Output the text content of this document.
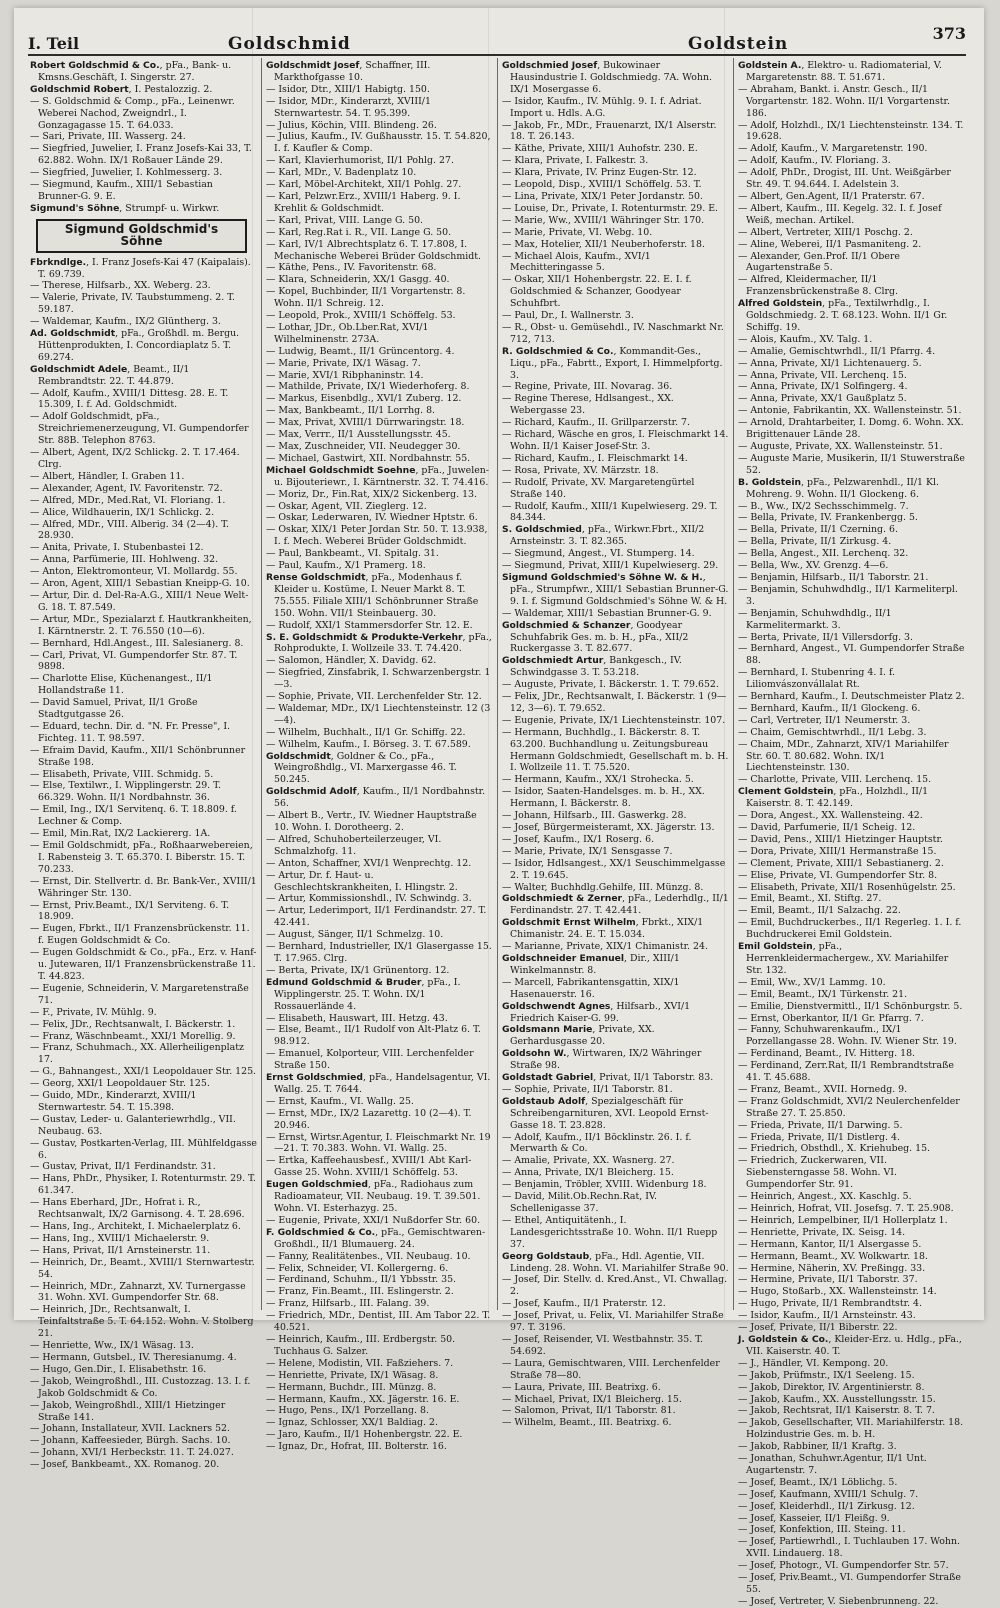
I. Teil	Goldschmid	Goldstein
373
Robert Goldschmid & Co., pFa., Bank- u. Kmsns.Geschäft, I. Singerstr. 27.
Goldschmid Robert, I. Pestalozzig. 2.
— S. Goldschmid & Comp., pFa., Leinenwr. Weberei Nachod, Zweigndrl., I. Gonzagagasse 15. T. 64.033.
— Sari, Private, III. Wasserg. 24.
— Siegfried, Juwelier, I. Franz Josefs-Kai 33, T. 62.882. Wohn. IX/1 Roßauer Lände 29.
— Siegfried, Juwelier, I. Kohlmesserg. 3.
— Siegmund, Kaufm., XIII/1 Sebastian Brunner-G. 9. E.
Sigmund's Söhne, Strumpf- u. Wirkwr.
Sigmund Goldschmid's Söhne
Fbrkndlge., I. Franz Josefs-Kai 47 (Kaipalais). T. 69.739.
— Therese, Hilfsarb., XX. Weberg. 23.
— Valerie, Private, IV. Taubstummeng. 2. T. 59.187.
— Waldemar, Kaufm., IX/2 Glüntherg. 3.
Ad. Goldschmidt, pFa., Großhdl. m. Bergu. Hüttenprodukten, I. Concordiaplatz 5. T. 69.274.
Goldschmidt Adele, Beamt., II/1 Rembrandtstr. 22. T. 44.879.
— Adolf, Kaufm., XVIII/1 Dittesg. 28. E. T. 15.309, I. f. Ad. Goldschmidt.
— Adolf Goldschmidt, pFa., Streichriemenerzeugung, VI. Gumpendorfer Str. 88B. Telephon 8763.
— Albert, Agent, IX/2 Schlickg. 2. T. 17.464. Clrg.
— Albert, Händler, I. Graben 11.
— Alexander, Agent, IV. Favoritenstr. 72.
— Alfred, MDr., Med.Rat, VI. Floriang. 1.
— Alice, Wildhauerin, IX/1 Schlickg. 2.
— Alfred, MDr., VIII. Alberig. 34 (2—4). T. 28.930.
— Anita, Private, I. Stubenbastei 12.
— Anna, Parfümerie, III. Hohlweng. 32.
— Anton, Elektromonteur, VI. Mollardg. 55.
— Aron, Agent, XIII/1 Sebastian Kneipp-G. 10.
— Artur, Dir. d. Del-Ra-A.G., XIII/1 Neue Welt-G. 18. T. 87.549.
— Artur, MDr., Spezialarzt f. Hautkrankheiten, I. Kärntnerstr. 2. T. 76.550 (10—6).
— Bernhard, Hdl.Angest., III. Salesianerg. 8.
— Carl, Privat, VI. Gumpendorfer Str. 87. T. 9898.
— Charlotte Elise, Küchenangest., II/1 Hollandstraße 11.
— David Samuel, Privat, II/1 Große Stadtgutgasse 26.
— Eduard, techn. Dir. d. "N. Fr. Presse", I. Fichteg. 11. T. 98.597.
— Efraim David, Kaufm., XII/1 Schönbrunner Straße 198.
— Elisabeth, Private, VIII. Schmidg. 5.
— Else, Textilwr., I. Wipplingerstr. 29. T. 66.329. Wohn. II/1 Nordbahnstr. 36.
— Emil, Ing., IX/1 Servitenq. 6. T. 18.809. f. Lechner & Comp.
— Emil, Min.Rat, IX/2 Lackiererg. 1A.
— Emil Goldschmidt, pFa., Roßhaarwebereien, I. Rabensteig 3. T. 65.370. I. Biberstr. 15. T. 70.233.
— Ernst, Dir. Stellvertr. d. Br. Bank-Ver., XVIII/1 Währinger Str. 130.
— Ernst, Priv.Beamt., IX/1 Serviteng. 6. T. 18.909.
— Eugen, Fbrkt., II/1 Franzensbrückenstr. 11. f. Eugen Goldschmidt & Co.
— Eugen Goldschmidt & Co., pFa., Erz. v. Hanf- u. Jutewaren, II/1 Franzensbrückenstraße 11. T. 44.823.
— Eugenie, Schneiderin, V. Margaretenstraße 71.
— F., Private, IV. Mühlg. 9.
— Felix, JDr., Rechtsanwalt, I. Bäckerstr. 1.
— Franz, Wäschnbeamt., XXI/1 Morellig. 9.
— Franz, Schuhmach., XX. Allerheiligenplatz 17.
— G., Bahnangest., XXI/1 Leopoldauer Str. 125.
— Georg, XXI/1 Leopoldauer Str. 125.
— Guido, MDr., Kinderarzt, XVIII/1 Sternwartestr. 54. T. 15.398.
— Gustav, Leder- u. Galanteriewrhdlg., VII. Neubaug. 63.
— Gustav, Postkarten-Verlag, III. Mühlfeldgasse 6.
— Gustav, Privat, II/1 Ferdinandstr. 31.
— Hans, PhDr., Physiker, I. Rotenturmstr. 29. T. 61.347.
— Hans Eberhard, JDr., Hofrat i. R., Rechtsanwalt, IX/2 Garnisong. 4. T. 28.696.
— Hans, Ing., Architekt, I. Michaelerplatz 6.
— Hans, Ing., XVIII/1 Michaelerstr. 9.
— Hans, Privat, II/1 Arnsteinerstr. 11.
— Heinrich, Dr., Beamt., XVIII/1 Sternwartestr. 54.
— Heinrich, MDr., Zahnarzt, XV. Turnergasse 31. Wohn. XVI. Gumpendorfer Str. 68.
— Heinrich, JDr., Rechtsanwalt, I. Teinfaltstraße 5. T. 64.152. Wohn. V. Stolberg 21.
— Henriette, Ww., IX/1 Wäsag. 13.
— Hermann, Gutsbel., IV. Theresianumg. 4.
— Hugo, Gen.Dir., I. Elisabethstr. 16.
— Jakob, Weingroßhdl., III. Custozzag. 13. I. f. Jakob Goldschmidt & Co.
— Jakob, Weingroßhdl., XIII/1 Hietzinger Straße 141.
— Johann, Installateur, XVII. Lackners 52.
— Johann, Kaffeesieder, Bürgh. Sachs. 10.
— Johann, XVI/1 Herbeckstr. 11. T. 24.027.
— Josef, Bankbeamt., XX. Romanog. 20.
Goldschmidt Josef, Schaffner, III. Markthofgasse 10.
— Isidor, Dtr., XIII/1 Habigtg. 150.
— Isidor, MDr., Kinderarzt, XVIII/1 Sternwartestr. 54. T. 95.399.
— Julius, Köchin, VIII. Blindeng. 26.
— Julius, Kaufm., IV. Gußhausstr. 15. T. 54.820, I. f. Kaufler & Comp.
— Karl, Klavierhumorist, II/1 Pohlg. 27.
— Karl, MDr., V. Badenplatz 10.
— Karl, Möbel-Architekt, XII/1 Pohlg. 27.
— Karl, Pelzwr.Erz., XVIII/1 Haberg. 9. I. Krehlit & Goldschmidt.
— Karl, Privat, VIII. Lange G. 50.
— Karl, Reg.Rat i. R., VII. Lange G. 50.
— Karl, IV/1 Albrechtsplatz 6. T. 17.808, I. Mechanische Weberei Brüder Goldschmidt.
— Käthe, Pens., IV. Favoritenstr. 68.
— Klara, Schneiderin, XX/1 Gasgg. 40.
— Kopel, Buchbinder, II/1 Vorgartenstr. 8. Wohn. II/1 Schreig. 12.
— Leopold, Prok., XVIII/1 Schöffelg. 53.
— Lothar, JDr., Ob.Lber.Rat, XVI/1 Wilhelminenstr. 273A.
— Ludwig, Beamt., II/1 Grüncentorg. 4.
— Marie, Private, IX/1 Wäsag. 7.
— Marie, XVI/1 Ribphaninstr. 14.
— Mathilde, Private, IX/1 Wiederhoferg. 8.
— Markus, Eisenbdlg., XVI/1 Zuberg. 12.
— Max, Bankbeamt., II/1 Lorrhg. 8.
— Max, Privat, XVIII/1 Dürrwaringstr. 18.
— Max, Verrr., II/1 Ausstellungsstr. 45.
— Max, Zuschneider, VII. Neudegger 30.
— Michael, Gastwirt, XII. Nordbahnstr. 55.
Michael Goldschmidt Soehne, pFa., Juwelen- u. Bijouteriewr., I. Kärntnerstr. 32. T. 74.416.
— Moriz, Dr., Fin.Rat, XIX/2 Sickenberg. 13.
— Oskar, Agent, VII. Zieglerg. 12.
— Oskar, Lederwaren, IV. Wiedner Hptstr. 6.
— Oskar, XIX/1 Peter Jordan Str. 50. T. 13.938, I. f. Mech. Weberei Brüder Goldschmidt.
— Paul, Bankbeamt., VI. Spitalg. 31.
— Paul, Kaufm., X/1 Pramerg. 18.
Rense Goldschmidt, pFa., Modenhaus f. Kleider u. Kostüme, I. Neuer Markt 8. T. 75.555. Filiale XIII/1 Schönbrunner Straße 150. Wohn. VII/1 Steinbauerg. 30.
— Rudolf, XXI/1 Stammersdorfer Str. 12. E.
S. E. Goldschmidt & Produkte-Verkehr, pFa., Rohprodukte, I. Wollzeile 33. T. 74.420.
— Salomon, Händler, X. Davidg. 62.
— Siegfried, Zinsfabrik, I. Schwarzenbergstr. 1—3.
— Sophie, Private, VII. Lerchenfelder Str. 12.
— Waldemar, MDr., IX/1 Liechtensteinstr. 12 (3—4).
— Wilhelm, Buchhalt., II/1 Gr. Schiffg. 22.
— Wilhelm, Kaufm., I. Börseg. 3. T. 67.589.
Goldschmidt, Goldner & Co., pFa., Weingroßhdlg., VI. Marxergasse 46. T. 50.245.
Goldschmid Adolf, Kaufm., II/1 Nordbahnstr. 56.
— Albert B., Vertr., IV. Wiedner Hauptstraße 10. Wohn. I. Dorotheerg. 2.
— Alfred, Schuhoberteilerzeuger, VI. Schmalzhofg. 11.
— Anton, Schaffner, XVI/1 Wenprechtg. 12.
— Artur, Dr. f. Haut- u. Geschlechtskrankheiten, I. Hlingstr. 2.
— Artur, Kommissionshdl., IV. Schwindg. 3.
— Artur, Lederimport, II/1 Ferdinandstr. 27. T. 42.441.
— August, Sänger, II/1 Schmelzg. 10.
— Bernhard, Industrieller, IX/1 Glasergasse 15. T. 17.965. Clrg.
— Berta, Private, IX/1 Grünentorg. 12.
Edmund Goldschmid & Bruder, pFa., I. Wipplingerstr. 25. T. Wohn. IX/1 Rossauerlände 4.
— Elisabeth, Hauswart, III. Hetzg. 43.
— Else, Beamt., II/1 Rudolf von Alt-Platz 6. T. 98.912.
— Emanuel, Kolporteur, VIII. Lerchenfelder Straße 150.
Ernst Goldschmied, pFa., Handelsagentur, VI. Wallg. 25. T. 7644.
— Ernst, Kaufm., VI. Wallg. 25.
— Ernst, MDr., IX/2 Lazarettg. 10 (2—4). T. 20.946.
— Ernst, Wirtsr.Agentur, I. Fleischmarkt Nr. 19—21. T. 70.383. Wohn. VI. Wallg. 25.
— Ertka, Kaffeehausbesf., XVIII/1 Abt Karl-Gasse 25. Wohn. XVIII/1 Schöffelg. 53.
Eugen Goldschmied, pFa., Radiohaus zum Radioamateur, VII. Neubaug. 19. T. 39.501. Wohn. VI. Esterhazyg. 25.
— Eugenie, Private, XXI/1 Nußdorfer Str. 60.
F. Goldschmied & Co., pFa., Gemischtwaren-Großhdl., II/1 Blumauerg. 24.
— Fanny, Realitätenbes., VII. Neubaug. 10.
— Felix, Schneider, VI. Kollergerng. 6.
— Ferdinand, Schuhm., II/1 Ybbsstr. 35.
— Franz, Fin.Beamt., III. Eslingerstr. 2.
— Franz, Hilfsarb., III. Falang. 39.
— Friedrich, MDr., Dentist, III. Am Tabor 22. T. 40.521.
— Heinrich, Kaufm., III. Erdbergstr. 50. Tuchhaus G. Salzer.
— Helene, Modistin, VII. Faßziehers. 7.
— Henriette, Private, IX/1 Wäsag. 8.
— Hermann, Buchdr., III. Münzg. 8.
— Hermann, Kaufm., XX. Jägerstr. 16. E.
— Hugo, Pens., IX/1 Porzellang. 8.
— Ignaz, Schlosser, XX/1 Baldiag. 2.
— Jaro, Kaufm., II/1 Hohenbergstr. 22. E.
— Ignaz, Dr., Hofrat, III. Bolterstr. 16.
Goldschmied Josef, Bukowinaer Hausindustrie I. Goldschmiedg. 7A. Wohn. IX/1 Mosergasse 6.
— Isidor, Kaufm., IV. Mühlg. 9. I. f. Adriat. Import u. Hdls. A.G.
— Jakob, Fr., MDr., Frauenarzt, IX/1 Alserstr. 18. T. 26.143.
— Käthe, Private, XIII/1 Auhofstr. 230. E.
— Klara, Private, I. Falkestr. 3.
— Klara, Private, IV. Prinz Eugen-Str. 12.
— Leopold, Disp., XVIII/1 Schöffelg. 53. T.
— Lina, Private, XIX/1 Peter Jordanstr. 50.
— Louise, Dr., Private, I. Rotenturmstr. 29. E.
— Marie, Ww., XVIII/1 Währinger Str. 170.
— Marie, Private, VI. Webg. 10.
— Max, Hotelier, XII/1 Neuberhoferstr. 18.
— Michael Alois, Kaufm., XVI/1 Mechitteringasse 5.
— Oskar, XII/1 Hohenbergstr. 22. E. I. f. Goldschmied & Schanzer, Goodyear Schuhfbrt.
— Paul, Dr., I. Wallnerstr. 3.
— R., Obst- u. Gemüsehdl., IV. Naschmarkt Nr. 712, 713.
R. Goldschmied & Co., Kommandit-Ges., Liqu., pFa., Fabrtt., Export, I. Himmelpfortg. 3.
— Regine, Private, III. Novarag. 36.
— Regine Therese, Hdlsangest., XX. Webergasse 23.
— Richard, Kaufm., II. Grillparzerstr. 7.
— Richard, Wäsche en gros, I. Fleischmarkt 14. Wohn. II/1 Kaiser Josef-Str. 3.
— Richard, Kaufm., I. Fleischmarkt 14.
— Rosa, Private, XV. Märzstr. 18.
— Rudolf, Private, XV. Margaretengürtel Straße 140.
— Rudolf, Kaufm., XIII/1 Kupelwieserg. 29. T. 84.344.
S. Goldschmied, pFa., Wirkwr.Fbrt., XII/2 Arnsteinstr. 3. T. 82.365.
— Siegmund, Angest., VI. Stumperg. 14.
— Siegmund, Privat, XIII/1 Kupelwieserg. 29.
Sigmund Goldschmied's Söhne W. & H., pFa., Strumpfwr., XIII/1 Sebastian Brunner-G. 9. I. f. Sigmund Goldschmied's Söhne W. & H.
— Waldemar, XIII/1 Sebastian Brunner-G. 9.
Goldschmied & Schanzer, Goodyear Schuhfabrik Ges. m. b. H., pFa., XII/2 Ruckergasse 3. T. 82.677.
Goldschmiedt Artur, Bankgesch., IV. Schwindgasse 3. T. 53.218.
— Auguste, Private, I. Bäckerstr. 1. T. 79.652.
— Felix, JDr., Rechtsanwalt, I. Bäckerstr. 1 (9—12, 3—6). T. 79.652.
— Eugenie, Private, IX/1 Liechtensteinstr. 107.
— Hermann, Buchhdlg., I. Bäckerstr. 8. T. 63.200. Buchhandlung u. Zeitungsbureau Hermann Goldschmiedt, Gesellschaft m. b. H. I. Wollzeile 11. T. 75.520.
— Hermann, Kaufm., XX/1 Strohecka. 5.
— Isidor, Saaten-Handelsges. m. b. H., XX. Hermann, I. Bäckerstr. 8.
— Johann, Hilfsarb., III. Gaswerkg. 28.
— Josef, Bürgermeisteramt, XX. Jägerstr. 13.
— Josef, Kaufm., IX/1 Roserg. 6.
— Marie, Private, IX/1 Sensgasse 7.
— Isidor, Hdlsangest., XX/1 Seuschimmelgasse 2. T. 19.645.
— Walter, Buchhdlg.Gehilfe, III. Münzg. 8.
Goldschmiedt & Zerner, pFa., Lederhdlg., II/1 Ferdinandstr. 27. T. 42.441.
Goldschmit Ernst Wilhelm, Fbrkt., XIX/1 Chimanistr. 24. E. T. 15.034.
— Marianne, Private, XIX/1 Chimanistr. 24.
Goldschneider Emanuel, Dir., XIII/1 Winkelmannstr. 8.
— Marcell, Fabrikantensgattin, XIX/1 Hasenauerstr. 16.
Goldschwendt Agnes, Hilfsarb., XVI/1 Friedrich Kaiser-G. 99.
Goldsmann Marie, Private, XX. Gerhardusgasse 20.
Goldsohn W., Wirtwaren, IX/2 Währinger Straße 98.
Goldstadt Gabriel, Privat, II/1 Taborstr. 83.
— Sophie, Private, II/1 Taborstr. 81.
Goldstaub Adolf, Spezialgeschäft für Schreibengarnituren, XVI. Leopold Ernst-Gasse 18. T. 23.828.
— Adolf, Kaufm., II/1 Böcklinstr. 26. I. f. Merwarth & Co.
— Amalie, Private, XX. Wasnerg. 27.
— Anna, Private, IX/1 Bleicherg. 15.
— Benjamin, Tröbler, XVIII. Widenburg 18.
— David, Milit.Ob.Rechn.Rat, IV. Schellenigasse 37.
— Ethel, Antiquitätenh., I. Landesgerichtsstraße 10. Wohn. II/1 Ruepp 37.
Georg Goldstaub, pFa., Hdl. Agentie, VII. Lindeng. 28. Wohn. VI. Mariahilfer Straße 90.
— Josef, Dir. Stellv. d. Kred.Anst., VI. Chwallag. 2.
— Josef, Kaufm., II/1 Praterstr. 12.
— Josef, Privat, u. Felix, VI. Mariahilfer Straße 97. T. 3196.
— Josef, Reisender, VI. Westbahnstr. 35. T. 54.692.
— Laura, Gemischtwaren, VIII. Lerchenfelder Straße 78—80.
— Laura, Private, III. Beatrixg. 6.
— Michael, Privat, IX/1 Bleicherg. 15.
— Salomon, Privat, II/1 Taborstr. 81.
— Wilhelm, Beamt., III. Beatrixg. 6.
Goldstein A., Elektro- u. Radiomaterial, V. Margaretenstr. 88. T. 51.671.
— Abraham, Bankt. i. Anstr. Gesch., II/1 Vorgartenstr. 182. Wohn. II/1 Vorgartenstr. 186.
— Adolf, Holzhdl., IX/1 Liechtensteinstr. 134. T. 19.628.
— Adolf, Kaufm., V. Margaretenstr. 190.
— Adolf, Kaufm., IV. Floriang. 3.
— Adolf, PhDr., Drogist, III. Unt. Weißgärber Str. 49. T. 94.644. I. Adelstein 3.
— Albert, Gen.Agent, II/1 Praterstr. 67.
— Albert, Kaufm., III. Kegelg. 32. I. f. Josef Weiß, mechan. Artikel.
— Albert, Vertreter, XIII/1 Poschg. 2.
— Aline, Weberei, II/1 Pasmaniteng. 2.
— Alexander, Gen.Prof. II/1 Obere Augartenstraße 5.
— Alfred, Kleidermacher, II/1 Franzensbrückenstraße 8. Clrg.
Alfred Goldstein, pFa., Textilwrhdlg., I. Goldschmiedg. 2. T. 68.123. Wohn. II/1 Gr. Schiffg. 19.
— Alois, Kaufm., XV. Talg. 1.
— Amalie, Gemischtwrhdl., II/1 Pfarrg. 4.
— Anna, Private, XI/1 Lichtenauerg. 5.
— Anna, Private, VII. Lerchenq. 15.
— Anna, Private, IX/1 Solfingerg. 4.
— Anna, Private, XX/1 Gaußplatz 5.
— Antonie, Fabrikantin, XX. Wallensteinstr. 51.
— Arnold, Drahtarbeiter, I. Domg. 6. Wohn. XX. Brigittenauer Lände 28.
— Auguste, Private, XX. Wallensteinstr. 51.
— Auguste Marie, Musikerin, II/1 Stuwerstraße 52.
B. Goldstein, pFa., Pelzwarenhdl., II/1 Kl. Mohreng. 9. Wohn. II/1 Glockeng. 6.
— B., Ww., IX/2 Sechsschimmelg. 7.
— Bella, Private, IV. Frankenbergg. 5.
— Bella, Private, II/1 Czerning. 6.
— Bella, Private, II/1 Zirkusg. 4.
— Bella, Angest., XII. Lerchenq. 32.
— Bella, Ww., XV. Grenzg. 4—6.
— Benjamin, Hilfsarb., II/1 Taborstr. 21.
— Benjamin, Schuhwdhdlg., II/1 Karmeliterpl. 3.
— Benjamin, Schuhwdhdlg., II/1 Karmelitermarkt. 3.
— Berta, Private, II/1 Villersdorfg. 3.
— Bernhard, Angest., VI. Gumpendorfer Straße 88.
— Bernhard, I. Stubenring 4. I. f. Liliomvászonvállalat Rt.
— Bernhard, Kaufm., I. Deutschmeister Platz 2.
— Bernhard, Kaufm., II/1 Glockeng. 6.
— Carl, Vertreter, II/1 Neumerstr. 3.
— Chaim, Gemischtwrhdl., II/1 Lebg. 3.
— Chaim, MDr., Zahnarzt, XIV/1 Mariahilfer Str. 60. T. 80.682. Wohn. IX/1 Liechtensteinstr. 130.
— Charlotte, Private, VIII. Lerchenq. 15.
Clement Goldstein, pFa., Holzhdl., II/1 Kaiserstr. 8. T. 42.149.
— Dora, Angest., XX. Wallensteing. 42.
— David, Parfumerie, II/1 Scheig. 12.
— David, Pens., XIII/1 Hietzinger Hauptstr.
— Dora, Private, XIII/1 Hermanstraße 15.
— Clement, Private, XIII/1 Sebastianerg. 2.
— Elise, Private, VI. Gumpendorfer Str. 8.
— Elisabeth, Private, XII/1 Rosenhügelstr. 25.
— Emil, Beamt., XI. Stiftg. 27.
— Emil, Beamt., II/1 Salzachg. 22.
— Emil, Buchdruckerbes., II/1 Regerleg. 1. I. f. Buchdruckerei Emil Goldstein.
Emil Goldstein, pFa., Herrenkleidermachergew., XV. Mariahilfer Str. 132.
— Emil, Ww., XV/1 Lammg. 10.
— Emil, Beamt., IX/1 Türkenstr. 21.
— Emilie, Dienstvermittl., II/1 Schönburgstr. 5.
— Ernst, Oberkantor, II/1 Gr. Pfarrg. 7.
— Fanny, Schuhwarenkaufm., IX/1 Porzellangasse 28. Wohn. IV. Wiener Str. 19.
— Ferdinand, Beamt., IV. Hitterg. 18.
— Ferdinand, Zerr.Rat, II/1 Rembrandtstraße 41. T. 45.688.
— Franz, Beamt., XVII. Hornedg. 9.
— Franz Goldschmidt, XVI/2 Neulerchenfelder Straße 27. T. 25.850.
— Frieda, Private, II/1 Darwing. 5.
— Frieda, Private, II/1 Distlerg. 4.
— Friedrich, Obsthdl., X. Kriehubeg. 15.
— Friedrich, Zuckerwaren, VII. Siebensterngasse 58. Wohn. VI. Gumpendorfer Str. 91.
— Heinrich, Angest., XX. Kaschlg. 5.
— Heinrich, Hofrat, VII. Josefsg. 7. T. 25.908.
— Heinrich, Lempelbiner, II/1 Hollerplatz 1.
— Henriette, Private, IX. Seisg. 14.
— Hermann, Kantor, II/1 Alsergasse 5.
— Hermann, Beamt., XV. Wolkwartr. 18.
— Hermine, Näherin, XV. Preßingg. 33.
— Hermine, Private, II/1 Taborstr. 37.
— Hugo, Stoßarb., XX. Wallensteinstr. 14.
— Hugo, Private, II/1 Rembrandtstr. 4.
— Isidor, Kaufm., II/1 Arnsteinstr. 43.
— Josef, Private, II/1 Biberstr. 22.
J. Goldstein & Co., Kleider-Erz. u. Hdlg., pFa., VII. Kaiserstr. 40. T.
— J., Händler, VI. Kempong. 20.
— Jakob, Prüfmstr., IX/1 Seeleng. 15.
— Jakob, Direktor, IV. Argentinierstr. 8.
— Jakob, Kaufm., XX. Ausstellungsstr. 15.
— Jakob, Rechtsrat, II/1 Kaiserstr. 8. T. 7.
— Jakob, Gesellschafter, VII. Mariahilferstr. 18. Holzindustrie Ges. m. b. H.
— Jakob, Rabbiner, II/1 Kraftg. 3.
— Jonathan, Schuhwr.Agentur, II/1 Unt. Augartenstr. 7.
— Josef, Beamt., IX/1 Löblichg. 5.
— Josef, Kaufmann, XVIII/1 Schulg. 7.
— Josef, Kleiderhdl., II/1 Zirkusg. 12.
— Josef, Kasseier, II/1 Fleißg. 9.
— Josef, Konfektion, III. Steing. 11.
— Josef, Partiewrhdl., I. Tuchlauben 17. Wohn. XVII. Lindauerg. 18.
— Josef, Photogr., VI. Gumpendorfer Str. 57.
— Josef, Priv.Beamt., VI. Gumpendorfer Straße 55.
— Josef, Vertreter, V. Siebenbrunneng. 22.
